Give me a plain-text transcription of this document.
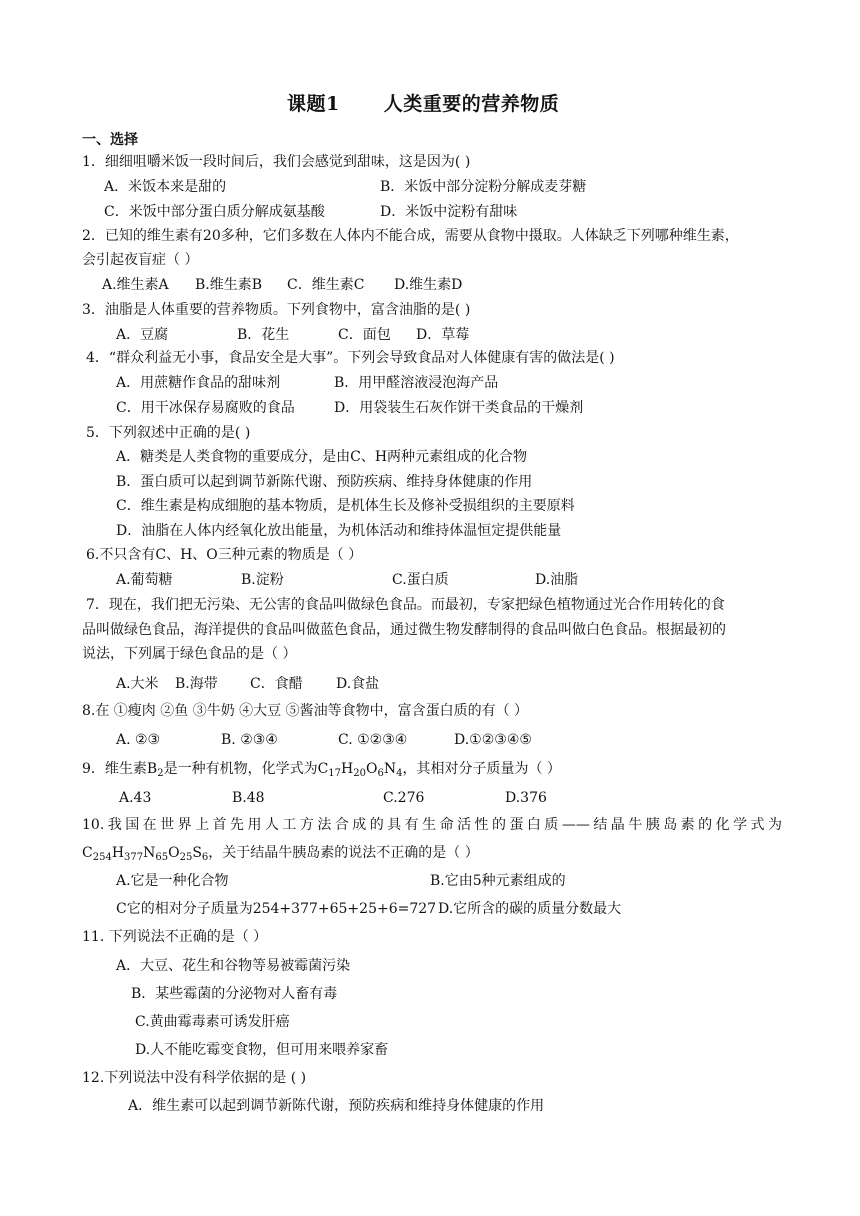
课题1 人类重要的营养物质
一、选择
1．细细咀嚼米饭一段时间后，我们会感觉到甜味，这是因为( )
A．米饭本来是甜的	B．米饭中部分淀粉分解成麦芽糖
C．米饭中部分蛋白质分解成氨基酸	D．米饭中淀粉有甜味
2．已知的维生素有20多种，它们多数在人体内不能合成，需要从食物中摄取。人体缺乏下列哪种维生素，
会引起夜盲症（ ）
A.维生素A B.维生素B C．维生素C D.维生素D
3．油脂是人体重要的营养物质。下列食物中，富含油脂的是( )
A．豆腐	B．花生	C．面包 D．草莓
4．“群众利益无小事，食品安全是大事”。下列会导致食品对人体健康有害的做法是( )
A．用蔗糖作食品的甜味剂	B．用甲醛溶液浸泡海产品
C．用干冰保存易腐败的食品	D．用袋装生石灰作饼干类食品的干燥剂
5．下列叙述中正确的是( )
A．糖类是人类食物的重要成分，是由C、H两种元素组成的化合物
B．蛋白质可以起到调节新陈代谢、预防疾病、维持身体健康的作用
C．维生素是构成细胞的基本物质，是机体生长及修补受损组织的主要原料
D．油脂在人体内经氧化放出能量，为机体活动和维持体温恒定提供能量
6.不只含有C、H、O三种元素的物质是（ ）
A.葡萄糖	B.淀粉	C.蛋白质	D.油脂
7．现在，我们把无污染、无公害的食品叫做绿色食品。而最初，专家把绿色植物通过光合作用转化的食
品叫做绿色食品，海洋提供的食品叫做蓝色食品，通过微生物发酵制得的食品叫做白色食品。根据最初的
说法，下列属于绿色食品的是（ ）
A.大米 B.海带 C．食醋 D.食盐
8.在 ①瘦肉 ②鱼 ③牛奶 ④大豆 ⑤酱油等食物中，富含蛋白质的有（ ）
A. ②③	B. ②③④	C. ①②③④	D.①②③④⑤
9．维生素$B_2$是一种有机物，化学式为$C_{17}H_{20}O_6N_4$，其相对分子质量为（ ）
A.43	B.48	C.276	D.376
10.我国在世界上首先用人工方法合成的具有生命活性的蛋白质——结晶牛胰岛素的化学式为
$C_{254}H_{377}N_{65}O_{25}S_6$，关于结晶牛胰岛素的说法不正确的是（ ）
A.它是一种化合物	B.它由5种元素组成的
C它的相对分子质量为254+377+65+25+6=727 D.它所含的碳的质量分数最大
11. 下列说法不正确的是（ ）
A．大豆、花生和谷物等易被霉菌污染
B．某些霉菌的分泌物对人畜有毒
C.黄曲霉毒素可诱发肝癌
D.人不能吃霉变食物，但可用来喂养家畜
12.下列说法中没有科学依据的是 ( )
A．维生素可以起到调节新陈代谢，预防疾病和维持身体健康的作用
